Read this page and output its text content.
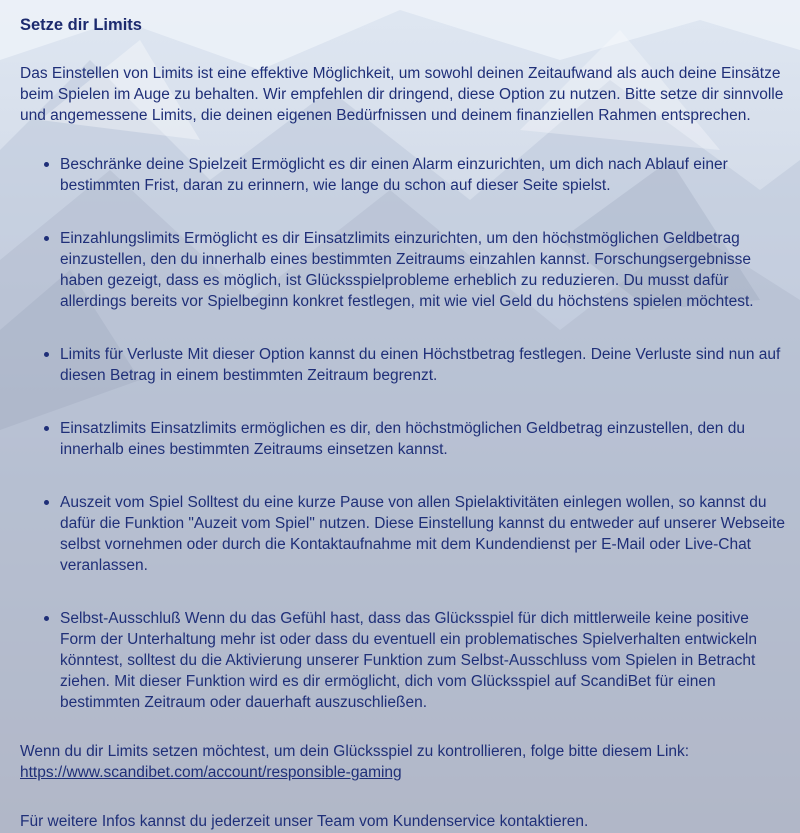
Setze dir Limits

Das Einstellen von Limits ist eine effektive Möglichkeit, um sowohl deinen Zeitaufwand als auch deine Einsätze beim Spielen im Auge zu behalten. Wir empfehlen dir dringend, diese Option zu nutzen. Bitte setze dir sinnvolle und angemessene Limits, die deinen eigenen Bedürfnissen und deinem finanziellen Rahmen entsprechen.

Beschränke deine Spielzeit Ermöglicht es dir einen Alarm einzurichten, um dich nach Ablauf einer bestimmten Frist, daran zu erinnern, wie lange du schon auf dieser Seite spielst.
Einzahlungslimits Ermöglicht es dir Einsatzlimits einzurichten, um den höchstmöglichen Geldbetrag einzustellen, den du innerhalb eines bestimmten Zeitraums einzahlen kannst. Forschungsergebnisse haben gezeigt, dass es möglich, ist Glücksspielprobleme erheblich zu reduzieren. Du musst dafür allerdings bereits vor Spielbeginn konkret festlegen, mit wie viel Geld du höchstens spielen möchtest.
Limits für Verluste Mit dieser Option kannst du einen Höchstbetrag festlegen. Deine Verluste sind nun auf diesen Betrag in einem bestimmten Zeitraum begrenzt.
Einsatzlimits Einsatzlimits ermöglichen es dir, den höchstmöglichen Geldbetrag einzustellen, den du innerhalb eines bestimmten Zeitraums einsetzen kannst.
Auszeit vom Spiel Solltest du eine kurze Pause von allen Spielaktivitäten einlegen wollen, so kannst du dafür die Funktion "Auzeit vom Spiel" nutzen. Diese Einstellung kannst du entweder auf unserer Webseite selbst vornehmen oder durch die Kontaktaufnahme mit dem Kundendienst per E-Mail oder Live-Chat veranlassen.
Selbst-Ausschluß Wenn du das Gefühl hast, dass das Glücksspiel für dich mittlerweile keine positive Form der Unterhaltung mehr ist oder dass du eventuell ein problematisches Spielverhalten entwickeln könntest, solltest du die Aktivierung unserer Funktion zum Selbst-Ausschluss vom Spielen in Betracht ziehen. Mit dieser Funktion wird es dir ermöglicht, dich vom Glücksspiel auf ScandiBet für einen bestimmten Zeitraum oder dauerhaft auszuschließen.

Wenn du dir Limits setzen möchtest, um dein Glücksspiel zu kontrollieren, folge bitte diesem Link:
https://www.scandibet.com/account/responsible-gaming

Für weitere Infos kannst du jederzeit unser Team vom Kundenservice kontaktieren.
